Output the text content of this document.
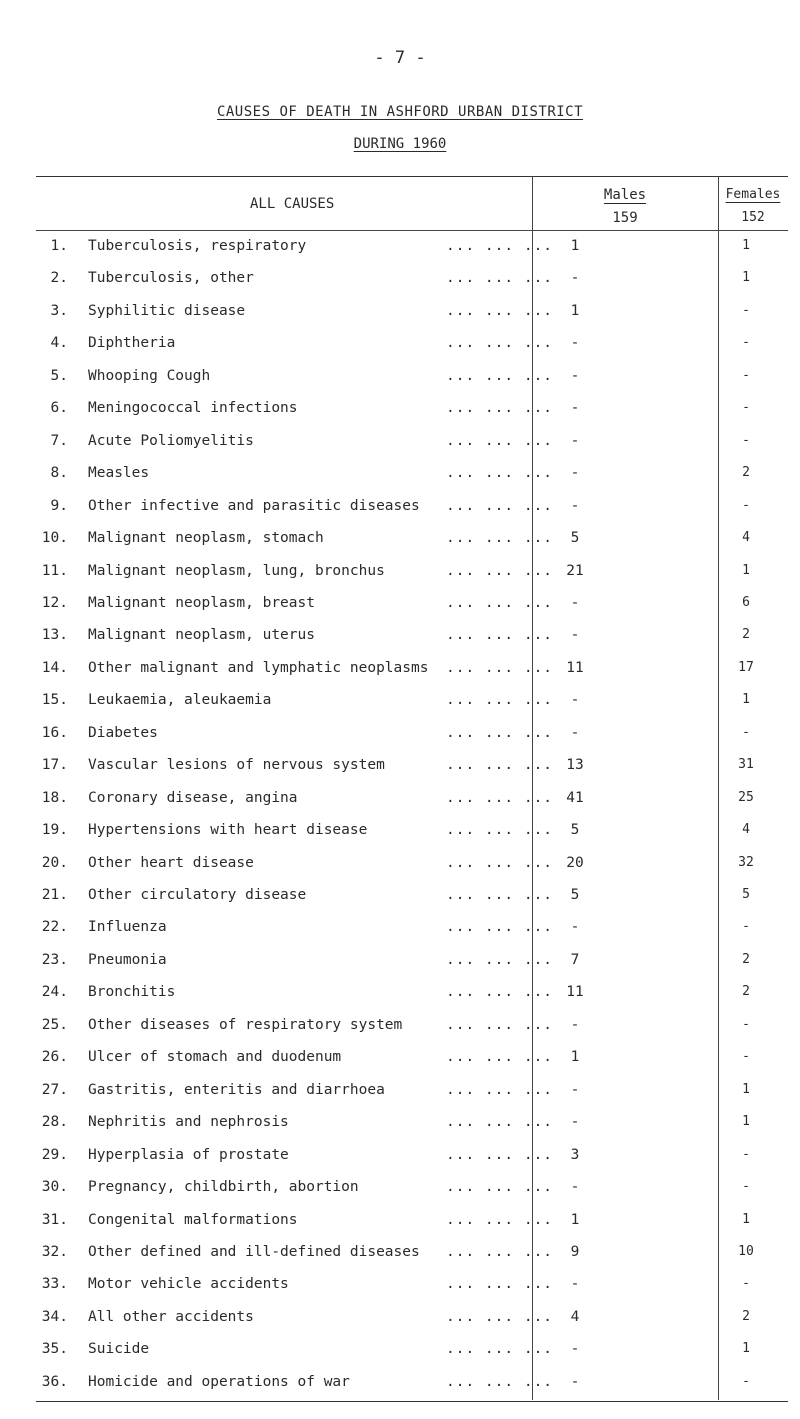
- 7 -
CAUSES OF DEATH IN ASHFORD URBAN DISTRICT
DURING 1960
ALL CAUSES
Males
159
Females
152
1. Tuberculosis, respiratory	... ... ...	1	1
2. Tuberculosis, other	... ... ...	-	1
3. Syphilitic disease	... ... ...	1	-
4. Diphtheria	... ... ...	-	-
5. Whooping Cough	... ... ...	-	-
6. Meningococcal infections	... ... ...	-	-
7. Acute Poliomyelitis	... ... ...	-	-
8. Measles	... ... ...	-	2
9. Other infective and parasitic diseases ... ... ...	-	-
10. Malignant neoplasm, stomach	... ... ...	5	4
11. Malignant neoplasm, lung, bronchus	... ... ... 21	1
12. Malignant neoplasm, breast	... ... ...	-	6
13. Malignant neoplasm, uterus	... ... ...	-	2
14. Other malignant and lymphatic neoplasms ... ... ... 11	17
15. Leukaemia, aleukaemia	... ... ...	-	1
16. Diabetes	... ... ...	-	-
17. Vascular lesions of nervous system	... ... ... 13	31
18. Coronary disease, angina	... ... ... 41	25
19. Hypertensions with heart disease	... ... ...	5	4
20. Other heart disease	... ... ... 20	32
21. Other circulatory disease	... ... ...	5	5
22. Influenza	... ... ...	-	-
23. Pneumonia	... ... ...	7	2
24. Bronchitis	... ... ... 11	2
25. Other diseases of respiratory system	... ... ...	-	-
26. Ulcer of stomach and duodenum	... ... ...	1	-
27. Gastritis, enteritis and diarrhoea	... ... ...	-	1
28. Nephritis and nephrosis	... ... ...	-	1
29. Hyperplasia of prostate	... ... ...	3	-
30. Pregnancy, childbirth, abortion	... ... ...	-	-
31. Congenital malformations	... ... ...	1	1
32. Other defined and ill-defined diseases ... ... ...	9	10
33. Motor vehicle accidents	... ... ...	-	-
34. All other accidents	... ... ...	4	2
35. Suicide	... ... ...	-	1
36. Homicide and operations of war	... ... ...	-	-
